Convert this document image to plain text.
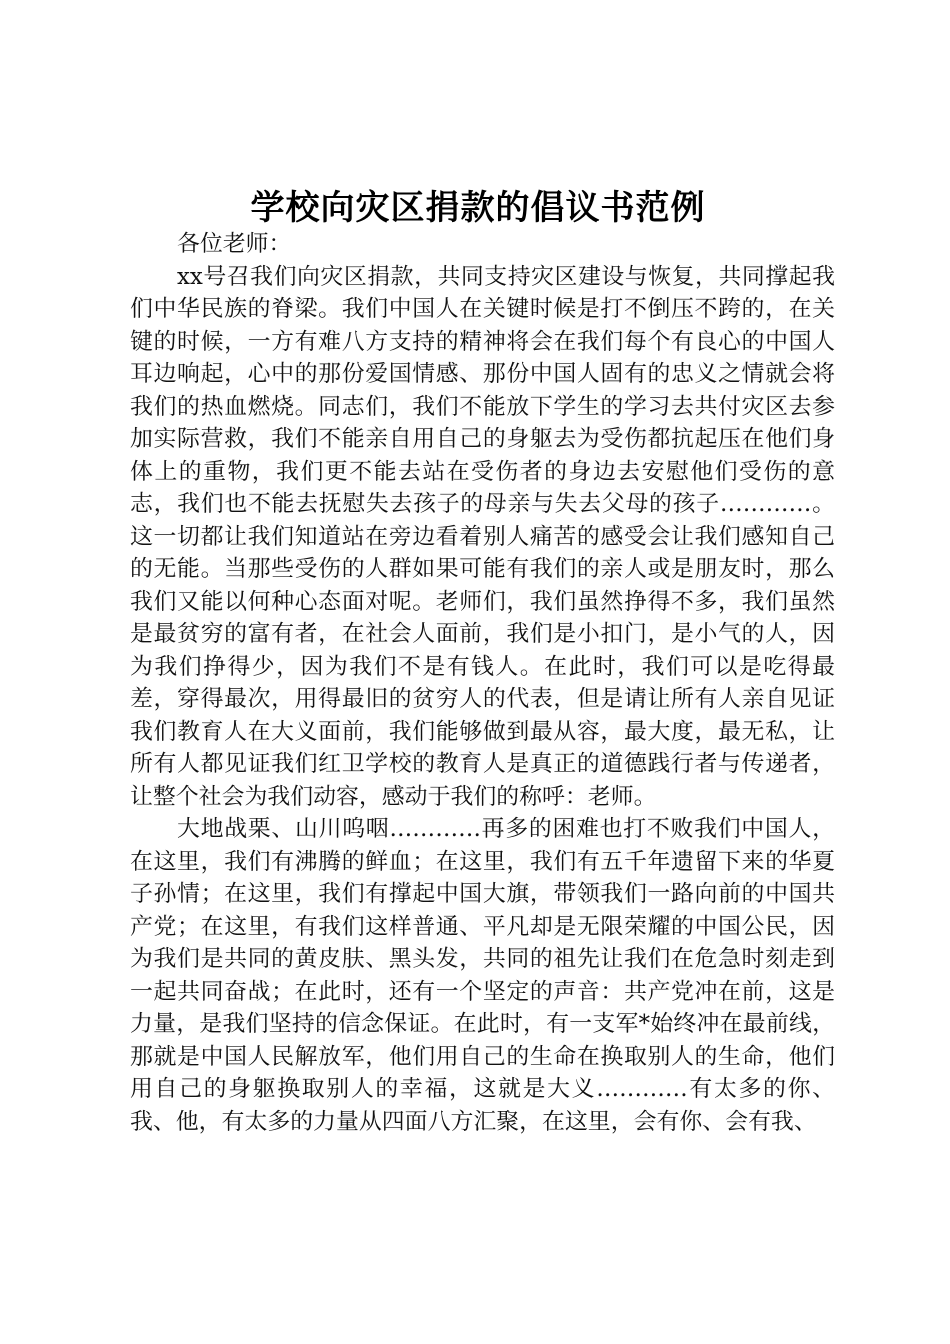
学校向灾区捐款的倡议书范例

各位老师：

xx号召我们向灾区捐款，共同支持灾区建设与恢复，共同撑起我们中华民族的脊梁。我们中国人在关键时候是打不倒压不跨的，在关键的时候，一方有难八方支持的精神将会在我们每个有良心的中国人耳边响起，心中的那份爱国情感、那份中国人固有的忠义之情就会将我们的热血燃烧。同志们，我们不能放下学生的学习去共付灾区去参加实际营救，我们不能亲自用自己的身躯去为受伤都抗起压在他们身体上的重物，我们更不能去站在受伤者的身边去安慰他们受伤的意志，我们也不能去抚慰失去孩子的母亲与失去父母的孩子…………。这一切都让我们知道站在旁边看着别人痛苦的感受会让我们感知自己的无能。当那些受伤的人群如果可能有我们的亲人或是朋友时，那么我们又能以何种心态面对呢。老师们，我们虽然挣得不多，我们虽然是最贫穷的富有者，在社会人面前，我们是小扣门，是小气的人，因为我们挣得少，因为我们不是有钱人。在此时，我们可以是吃得最差，穿得最次，用得最旧的贫穷人的代表，但是请让所有人亲自见证我们教育人在大义面前，我们能够做到最从容，最大度，最无私，让所有人都见证我们红卫学校的教育人是真正的道德践行者与传递者，让整个社会为我们动容，感动于我们的称呼：老师。

大地战栗、山川呜咽…………再多的困难也打不败我们中国人，在这里，我们有沸腾的鲜血；在这里，我们有五千年遗留下来的华夏子孙情；在这里，我们有撑起中国大旗，带领我们一路向前的中国共产党；在这里，有我们这样普通、平凡却是无限荣耀的中国公民，因为我们是共同的黄皮肤、黑头发，共同的祖先让我们在危急时刻走到一起共同奋战；在此时，还有一个坚定的声音：共产党冲在前，这是力量，是我们坚持的信念保证。在此时，有一支军*始终冲在最前线，那就是中国人民解放军，他们用自己的生命在换取别人的生命，他们用自己的身躯换取别人的幸福，这就是大义…………有太多的你、我、他，有太多的力量从四面八方汇聚，在这里，会有你、会有我、
